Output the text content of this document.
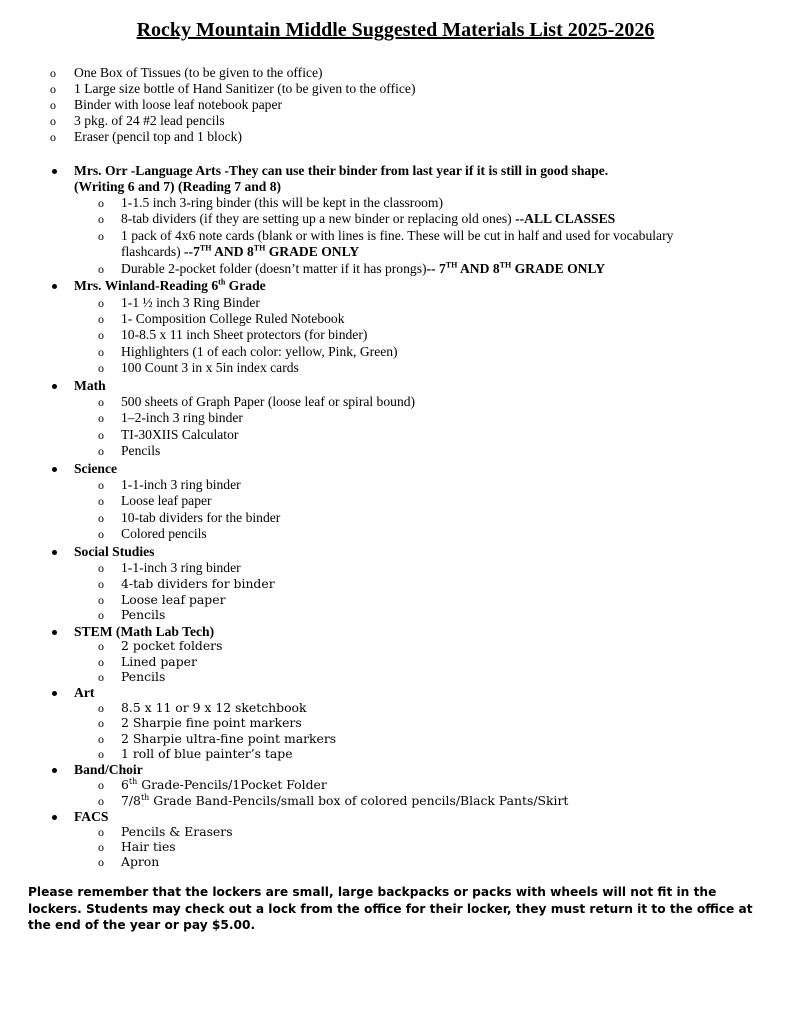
Rocky Mountain Middle Suggested Materials List 2025-2026
o One Box of Tissues (to be given to the office)
o 1 Large size bottle of Hand Sanitizer (to be given to the office)
o Binder with loose leaf notebook paper
o 3 pkg. of 24 #2 lead pencils
o Eraser (pencil top and 1 block)
Mrs. Orr -Language Arts -They can use their binder from last year if it is still in good shape.
(Writing 6 and 7) (Reading 7 and 8)
o 1-1.5 inch 3-ring binder (this will be kept in the classroom)
o 8-tab dividers (if they are setting up a new binder or replacing old ones) --ALL CLASSES
o 1 pack of 4x6 note cards (blank or with lines is fine. These will be cut in half and used for vocabulary
flashcards) --7TH AND 8TH GRADE ONLY
o Durable 2-pocket folder (doesn’t matter if it has prongs)-- 7TH AND 8TH GRADE ONLY
Mrs. Winland-Reading 6th Grade
o 1-1 ½ inch 3 Ring Binder
o 1- Composition College Ruled Notebook
o 10-8.5 x 11 inch Sheet protectors (for binder)
o Highlighters (1 of each color: yellow, Pink, Green)
o 100 Count 3 in x 5in index cards
Math
o 500 sheets of Graph Paper (loose leaf or spiral bound)
o 1–2-inch 3 ring binder
o TI-30XIIS Calculator
o Pencils
Science
o 1-1-inch 3 ring binder
o Loose leaf paper
o 10-tab dividers for the binder
o Colored pencils
Social Studies
o 1-1-inch 3 ring binder
o 4-tab dividers for binder
o Loose leaf paper
o Pencils
STEM (Math Lab Tech)
o 2 pocket folders
o Lined paper
o Pencils
Art
o 8.5 x 11 or 9 x 12 sketchbook
o 2 Sharpie fine point markers
o 2 Sharpie ultra-fine point markers
o 1 roll of blue painter’s tape
Band/Choir
o 6th Grade-Pencils/1Pocket Folder
o 7/8th Grade Band-Pencils/small box of colored pencils/Black Pants/Skirt
FACS
o Pencils & Erasers
o Hair ties
o Apron
Please remember that the lockers are small, large backpacks or packs with wheels will not fit in the lockers. Students may check out a lock from the office for their locker, they must return it to the office at the end of the year or pay $5.00.
